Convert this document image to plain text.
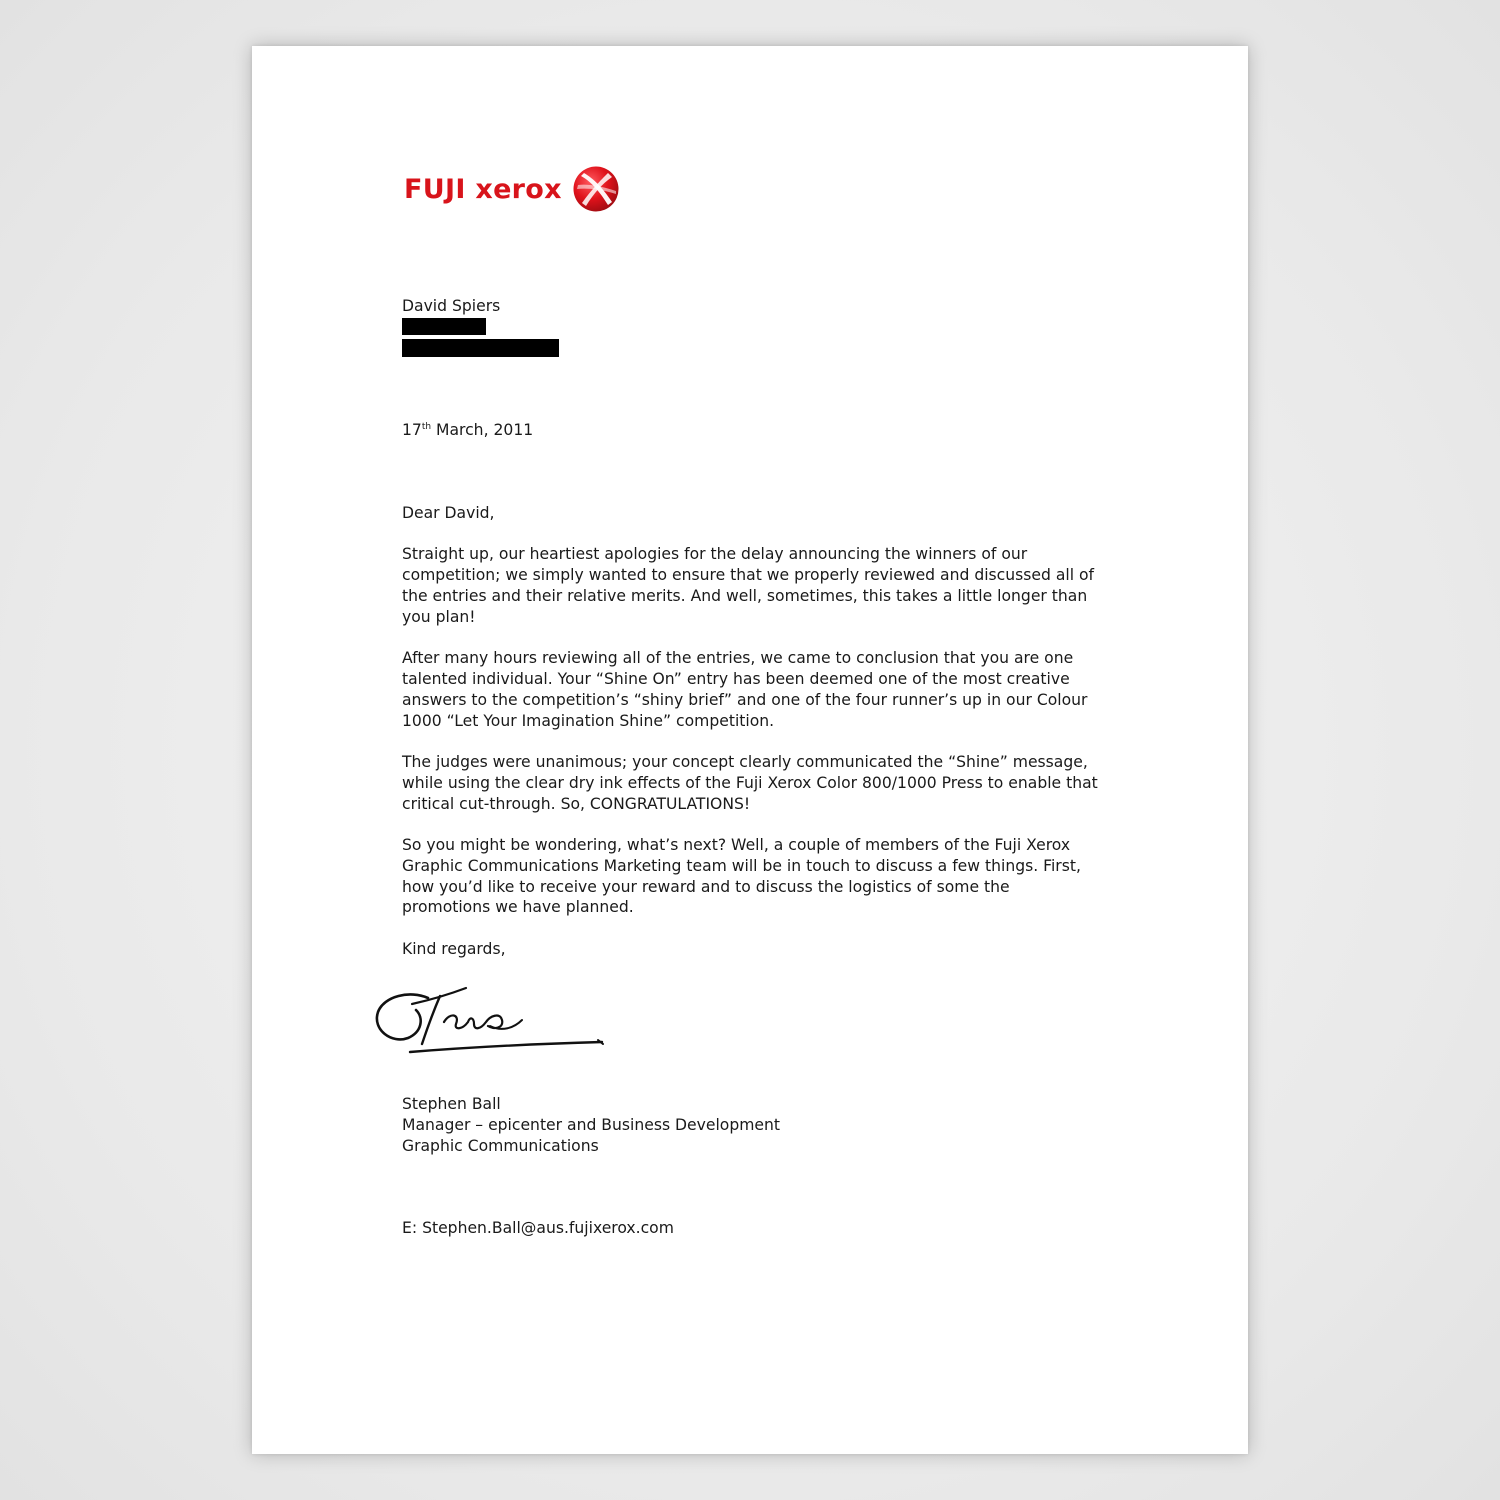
FUJI xerox
David Spiers
17th March, 2011

Dear David,

Straight up, our heartiest apologies for the delay announcing the winners of our competition; we simply wanted to ensure that we properly reviewed and discussed all of the entries and their relative merits. And well, sometimes, this takes a little longer than you plan!

After many hours reviewing all of the entries, we came to conclusion that you are one talented individual. Your “Shine On” entry has been deemed one of the most creative answers to the competition’s “shiny brief” and one of the four runner’s up in our Colour 1000 “Let Your Imagination Shine” competition.

The judges were unanimous; your concept clearly communicated the “Shine” message, while using the clear dry ink effects of the Fuji Xerox Color 800/1000 Press to enable that critical cut-through. So, CONGRATULATIONS!

So you might be wondering, what’s next? Well, a couple of members of the Fuji Xerox Graphic Communications Marketing team will be in touch to discuss a few things. First, how you’d like to receive your reward and to discuss the logistics of some the promotions we have planned.

Kind regards,

Stephen Ball
Manager – epicenter and Business Development
Graphic Communications
E: Stephen.Ball@aus.fujixerox.com
